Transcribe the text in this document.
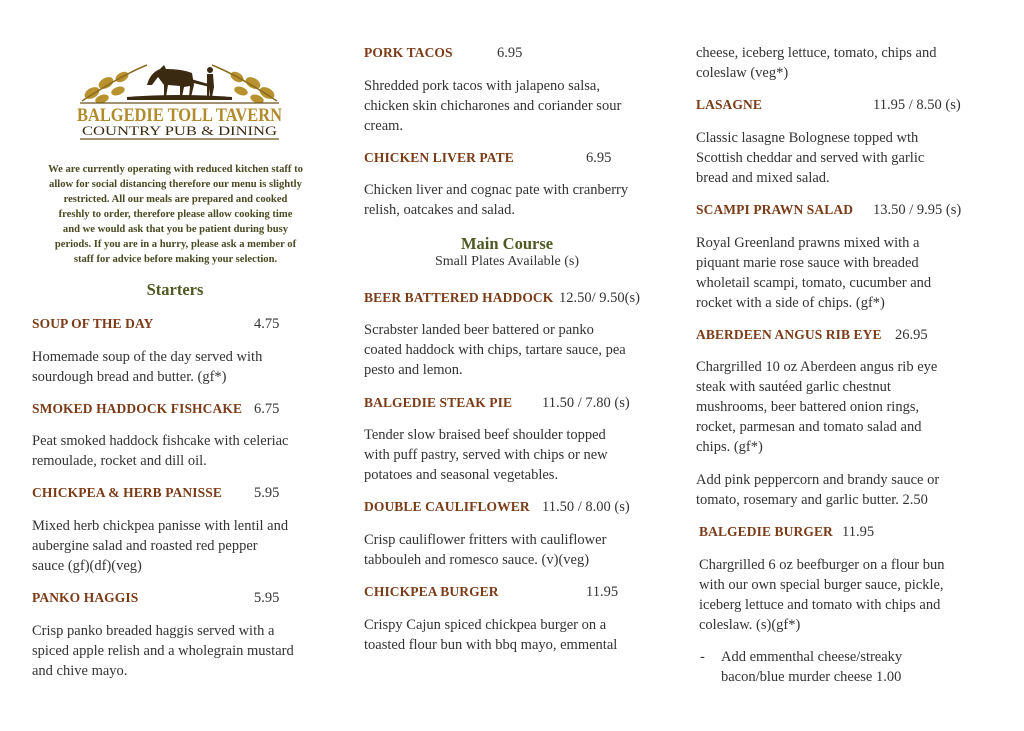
BALGEDIE TOLL TAVERN
COUNTRY PUB & DINING
We are currently operating with reduced kitchen staff to
allow for social distancing therefore our menu is slightly
restricted. All our meals are prepared and cooked
freshly to order, therefore please allow cooking time
and we would ask that you be patient during busy
periods. If you are in a hurry, please ask a member of
staff for advice before making your selection.
Starters
Main Course
Small Plates Available (s)
SOUP OF THE DAY	4.75
Homemade soup of the day served with
sourdough bread and butter. (gf*)
SMOKED HADDOCK FISHCAKE 6.75
Peat smoked haddock fishcake with celeriac
remoulade, rocket and dill oil.
CHICKPEA & HERB PANISSE 5.95
Mixed herb chickpea panisse with lentil and
aubergine salad and roasted red pepper
sauce (gf)(df)(veg)
PANKO HAGGIS	5.95
Crisp panko breaded haggis served with a
spiced apple relish and a wholegrain mustard
and chive mayo.
PORK TACOS	6.95
Shredded pork tacos with jalapeno salsa,
chicken skin chicharones and coriander sour
cream.
CHICKEN LIVER PATE	6.95
Chicken liver and cognac pate with cranberry
relish, oatcakes and salad.
BEER BATTERED HADDOCK 12.50/ 9.50(s)
Scrabster landed beer battered or panko
coated haddock with chips, tartare sauce, pea
pesto and lemon.
BALGEDIE STEAK PIE 11.50 / 7.80 (s)
Tender slow braised beef shoulder topped
with puff pastry, served with chips or new
potatoes and seasonal vegetables.
DOUBLE CAULIFLOWER 11.50 / 8.00 (s)
Crisp cauliflower fritters with cauliflower
tabbouleh and romesco sauce. (v)(veg)
CHICKPEA BURGER	11.95
Crispy Cajun spiced chickpea burger on a
toasted flour bun with bbq mayo, emmental
cheese, iceberg lettuce, tomato, chips and
coleslaw (veg*)
LASAGNE	11.95 / 8.50 (s)
Classic lasagne Bolognese topped wth
Scottish cheddar and served with garlic
bread and mixed salad.
SCAMPI PRAWN SALAD 13.50 / 9.95 (s)
Royal Greenland prawns mixed with a
piquant marie rose sauce with breaded
wholetail scampi, tomato, cucumber and
rocket with a side of chips. (gf*)
ABERDEEN ANGUS RIB EYE 26.95
Chargrilled 10 oz Aberdeen angus rib eye
steak with sautéed garlic chestnut
mushrooms, beer battered onion rings,
rocket, parmesan and tomato salad and
chips. (gf*)
Add pink peppercorn and brandy sauce or
tomato, rosemary and garlic butter. 2.50
BALGEDIE BURGER 11.95
Chargrilled 6 oz beefburger on a flour bun
with our own special burger sauce, pickle,
iceberg lettuce and tomato with chips and
coleslaw. (s)(gf*)
- Add emmenthal cheese/streaky
bacon/blue murder cheese 1.00
